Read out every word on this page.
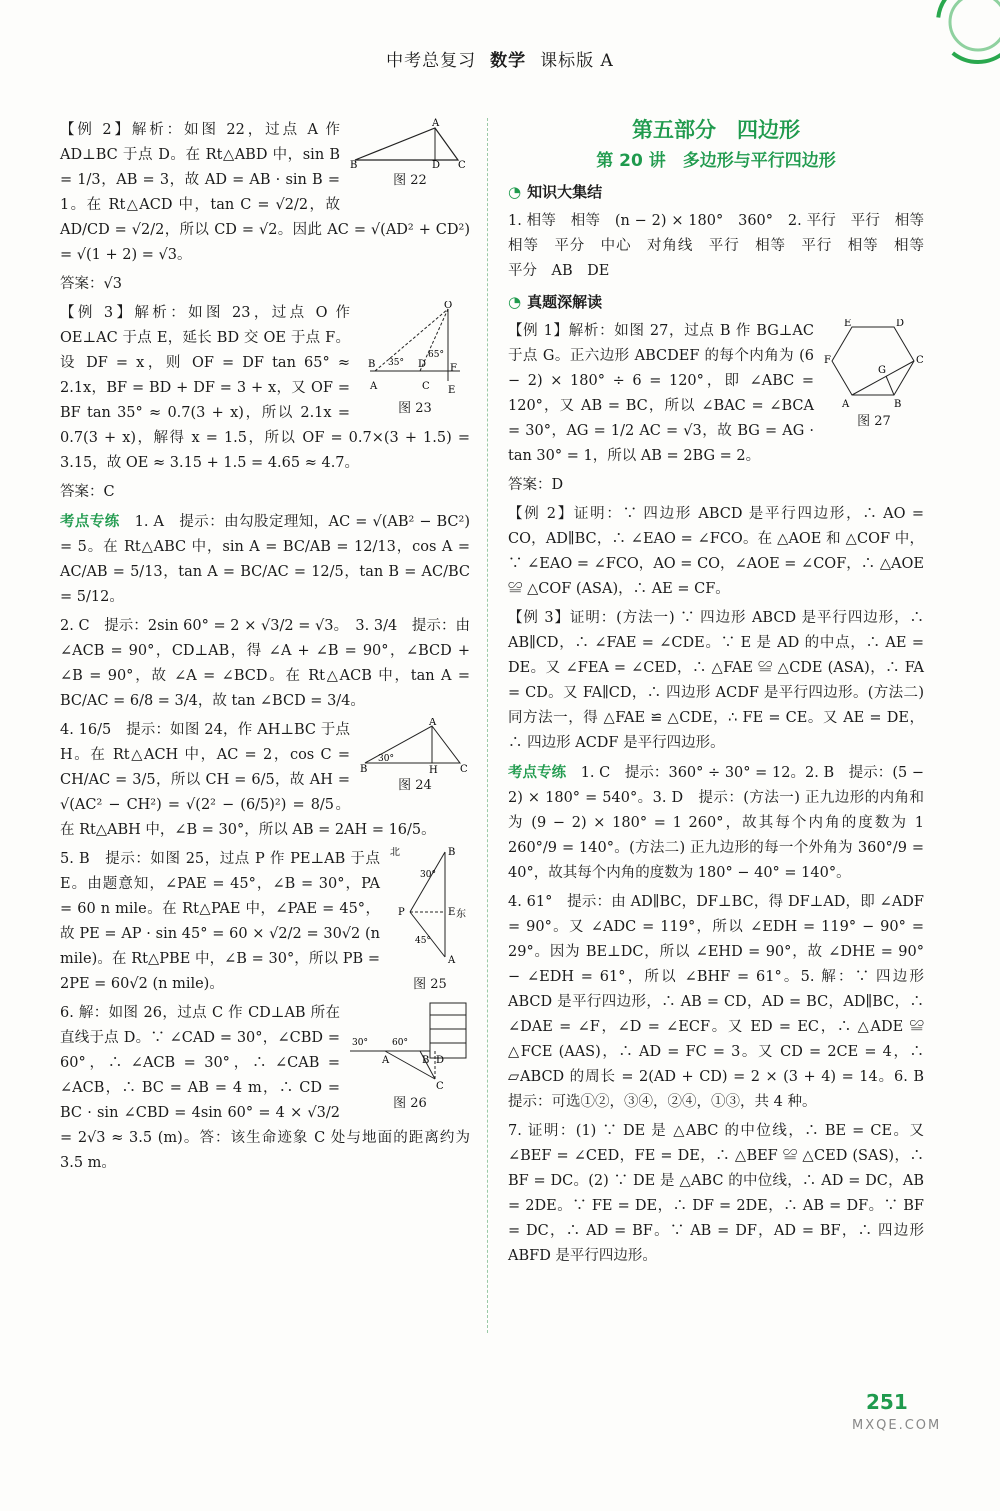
中考总复习 数学 课标版 A
B
A
D C
图 22

【例 2】解析：如图 22，过点 A 作 AD⊥BC 于点 D。在 Rt△ABD 中，sin B = 1/3，AB = 3，故 AD = AB · sin B = 1。在 Rt△ACD 中，tan C = √2/2，故 AD/CD = √2/2，所以 CD = √2。因此 AC = √(AD² + CD²) = √(1 + 2) = √3。

答案：√3

O
B	D F
A	C E
35°
65°
图 23

【例 3】解析：如图 23，过点 O 作 OE⊥AC 于点 E，延长 BD 交 OE 于点 F。设 DF = x，则 OF = DF tan 65° ≈ 2.1x，BF = BD + DF = 3 + x，又 OF = BF tan 35° ≈ 0.7(3 + x)，所以 2.1x = 0.7(3 + x)，解得 x = 1.5，所以 OF = 0.7×(3 + 1.5) = 3.15，故 OE ≈ 3.15 + 1.5 = 4.65 ≈ 4.7。

答案：C

考点专练　 1. A　提示：由勾股定理知，AC = √(AB² − BC²) = 5。在 Rt△ABC 中，sin A = BC/AB = 12/13，cos A = AC/AB = 5/13，tan A = BC/AC = 12/5，tan B = AC/BC = 5/12。

2. C　提示：2sin 60° = 2 × √3/2 = √3。　3. 3/4　提示：由 ∠ACB = 90°，CD⊥AB，得 ∠A + ∠B = 90°，∠BCD + ∠B = 90°，故 ∠A = ∠BCD。在 Rt△ACB 中，tan A = BC/AC = 6/8 = 3/4，故 tan ∠BCD = 3/4。

B
A
H C
30°
图 24

4. 16/5　提示：如图 24，作 AH⊥BC 于点 H。在 Rt△ACH 中，AC = 2，cos C = CH/AC = 3/5，所以 CH = 6/5，故 AH = √(AC² − CH²) = √(2² − (6/5)²) = 8/5。在 Rt△ABH 中，∠B = 30°，所以 AB = 2AH = 16/5。

北	B
P	E 东
A
30°
45°
图 25

5. B　提示：如图 25，过点 P 作 PE⊥AB 于点 E。由题意知，∠PAE = 45°，∠B = 30°，PA = 60 n mile。在 Rt△PAE 中，∠PAE = 45°，故 PE = AP · sin 45° = 60 × √2/2 = 30√2 (n mile)。在 Rt△PBE 中，∠B = 30°，所以 PB = 2PE = 60√2 (n mile)。

30°	60°
A	B D
C
图 26

6. 解：如图 26，过点 C 作 CD⊥AB 所在直线于点 D。∵ ∠CAD = 30°，∠CBD = 60°，∴ ∠ACB = 30°，∴ ∠CAB = ∠ACB，∴ BC = AB = 4 m，∴ CD = BC · sin ∠CBD = 4sin 60° = 4 × √3/2 = 2√3 ≈ 3.5 (m)。答：该生命迹象 C 处与地面的距离约为 3.5 m。

第五部分　四边形
第 20 讲　多边形与平行四边形
◔ 知识大集结

1. 相等　相等　(n − 2) × 180°　360°　2. 平行　平行　相等　相等　平分　中心　对角线　平行　相等　平行　相等　相等　平分　AB　DE

◔ 真题深解读
E	D
F	C
A	B
G
图 27

【例 1】解析：如图 27，过点 B 作 BG⊥AC 于点 G。正六边形 ABCDEF 的每个内角为 (6 − 2) × 180° ÷ 6 = 120°，即 ∠ABC = 120°，又 AB = BC，所以 ∠BAC = ∠BCA = 30°，AG = 1/2 AC = √3，故 BG = AG · tan 30° = 1，所以 AB = 2BG = 2。

答案：D

【例 2】证明：∵ 四边形 ABCD 是平行四边形，∴ AO = CO，AD∥BC，∴ ∠EAO = ∠FCO。在 △AOE 和 △COF 中，∵ ∠EAO = ∠FCO，AO = CO，∠AOE = ∠COF，∴ △AOE ≌ △COF (ASA)，∴ AE = CF。

【例 3】证明：(方法一) ∵ 四边形 ABCD 是平行四边形，∴ AB∥CD，∴ ∠FAE = ∠CDE。∵ E 是 AD 的中点，∴ AE = DE。又 ∠FEA = ∠CED，∴ △FAE ≌ △CDE (ASA)，∴ FA = CD。又 FA∥CD，∴ 四边形 ACDF 是平行四边形。(方法二) 同方法一，得 △FAE ≌ △CDE，∴ FE = CE。又 AE = DE，∴ 四边形 ACDF 是平行四边形。

考点专练　 1. C　提示：360° ÷ 30° = 12。2. B　提示：(5 − 2) × 180° = 540°。3. D　提示：(方法一) 正九边形的内角和为 (9 − 2) × 180° = 1 260°，故其每个内角的度数为 1 260°/9 = 140°。(方法二) 正九边形的每一个外角为 360°/9 = 40°，故其每个内角的度数为 180° − 40° = 140°。

4. 61°　提示：由 AD∥BC，DF⊥BC，得 DF⊥AD，即 ∠ADF = 90°。又 ∠ADC = 119°，所以 ∠EDH = 119° − 90° = 29°。因为 BE⊥DC，所以 ∠EHD = 90°，故 ∠DHE = 90° − ∠EDH = 61°，所以 ∠BHF = 61°。5. 解：∵ 四边形 ABCD 是平行四边形，∴ AB = CD，AD = BC，AD∥BC，∴ ∠DAE = ∠F，∠D = ∠ECF。又 ED = EC，∴ △ADE ≌ △FCE (AAS)，∴ AD = FC = 3。又 CD = 2CE = 4，∴ ▱ABCD 的周长 = 2(AD + CD) = 2 × (3 + 4) = 14。6. B　提示：可选①②，③④，②④，①③，共 4 种。

7. 证明：(1) ∵ DE 是 △ABC 的中位线，∴ BE = CE。又 ∠BEF = ∠CED，FE = DE，∴ △BEF ≌ △CED (SAS)，∴ BF = DC。(2) ∵ DE 是 △ABC 的中位线，∴ AD = DC，AB = 2DE。∵ FE = DE，∴ DF = 2DE，∴ AB = DF。∵ BF = DC，∴ AD = BF。∵ AB = DF，AD = BF，∴ 四边形 ABFD 是平行四边形。

251
MXQE.COM
